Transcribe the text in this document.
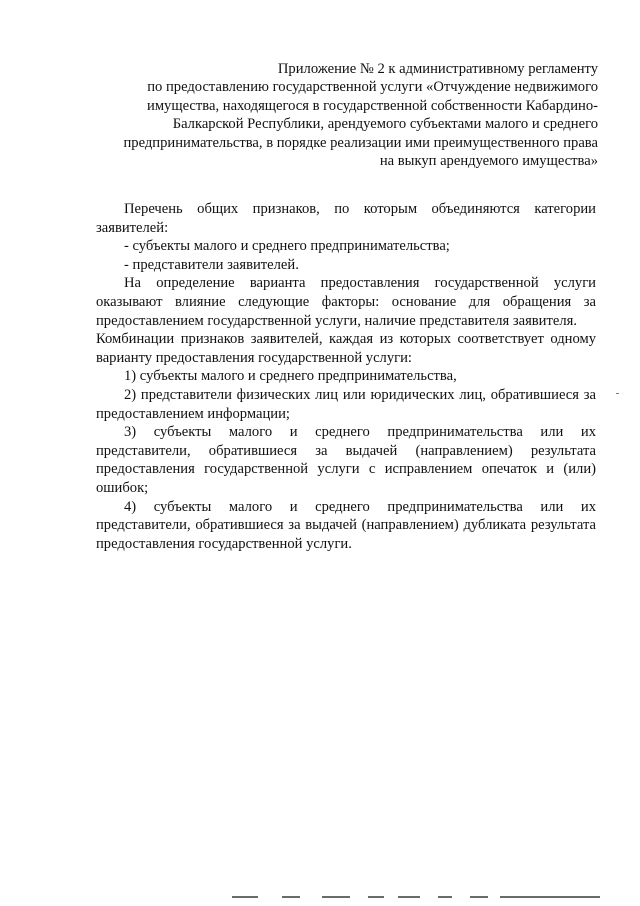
Приложение № 2 к административному регламенту
по предоставлению государственной услуги «Отчуждение недвижимого
имущества, находящегося в государственной собственности Кабардино-
Балкарской Республики, арендуемого субъектами малого и среднего
предпринимательства, в порядке реализации ими преимущественного права
на выкуп арендуемого имущества»

Перечень общих признаков, по которым объединяются категории заявителей:

- субъекты малого и среднего предпринимательства;

- представители заявителей.

На определение варианта предоставления государственной услуги оказывают влияние следующие факторы: основание для обращения за предоставлением государственной услуги, наличие представителя заявителя.

Комбинации признаков заявителей, каждая из которых соответствует одному варианту предоставления государственной услуги:

1) субъекты малого и среднего предпринимательства,

2) представители физических лиц или юридических лиц, обратившиеся за предоставлением информации;

3) субъекты малого и среднего предпринимательства или их представители, обратившиеся за выдачей (направлением) результата предоставления государственной услуги с исправлением опечаток и (или) ошибок;

4) субъекты малого и среднего предпринимательства или их представители, обратившиеся за выдачей (направлением) дубликата результата предоставления государственной услуги.
